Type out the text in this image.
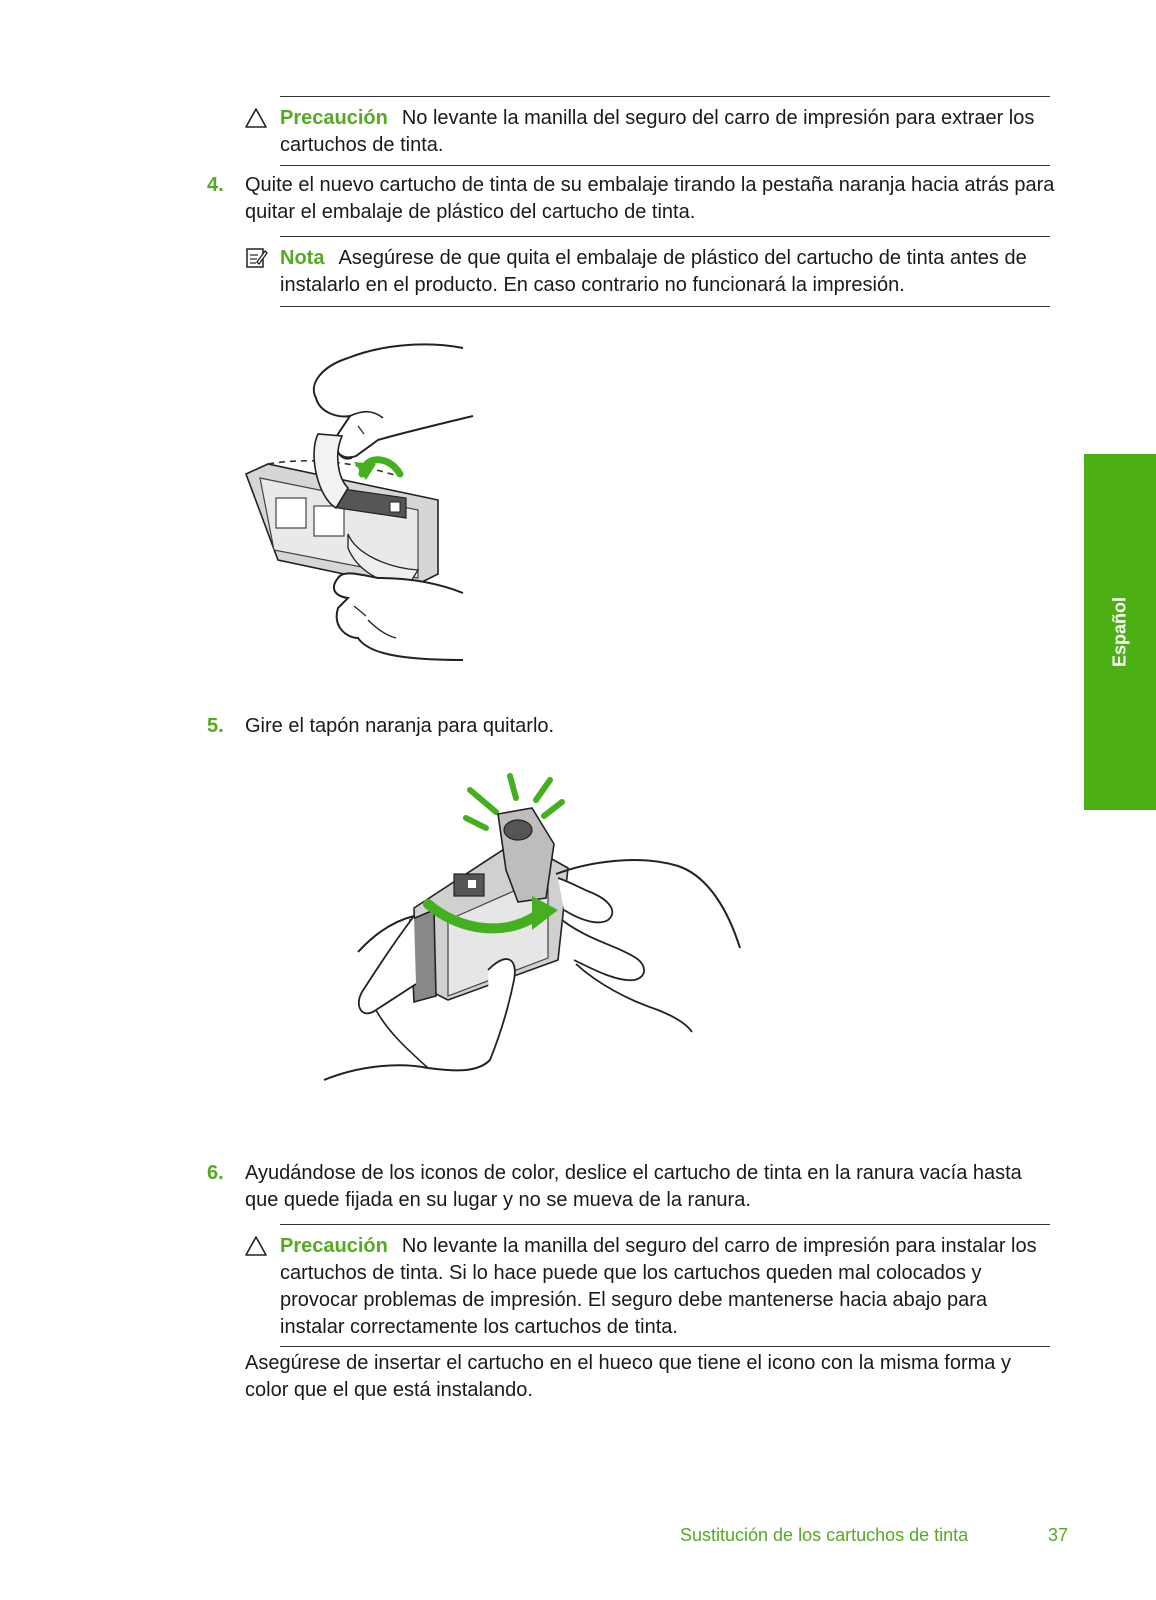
Precaución No levante la manilla del seguro del carro de impresión para extraer los cartuchos de tinta.
4. Quite el nuevo cartucho de tinta de su embalaje tirando la pestaña naranja hacia atrás para quitar el embalaje de plástico del cartucho de tinta.
Nota Asegúrese de que quita el embalaje de plástico del cartucho de tinta antes de instalarlo en el producto. En caso contrario no funcionará la impresión.
5. Gire el tapón naranja para quitarlo.
6. Ayudándose de los iconos de color, deslice el cartucho de tinta en la ranura vacía hasta que quede fijada en su lugar y no se mueva de la ranura.
Precaución No levante la manilla del seguro del carro de impresión para instalar los cartuchos de tinta. Si lo hace puede que los cartuchos queden mal colocados y provocar problemas de impresión. El seguro debe mantenerse hacia abajo para instalar correctamente los cartuchos de tinta.
Asegúrese de insertar el cartucho en el hueco que tiene el icono con la misma forma y color que el que está instalando.
Español
Sustitución de los cartuchos de tinta	37
